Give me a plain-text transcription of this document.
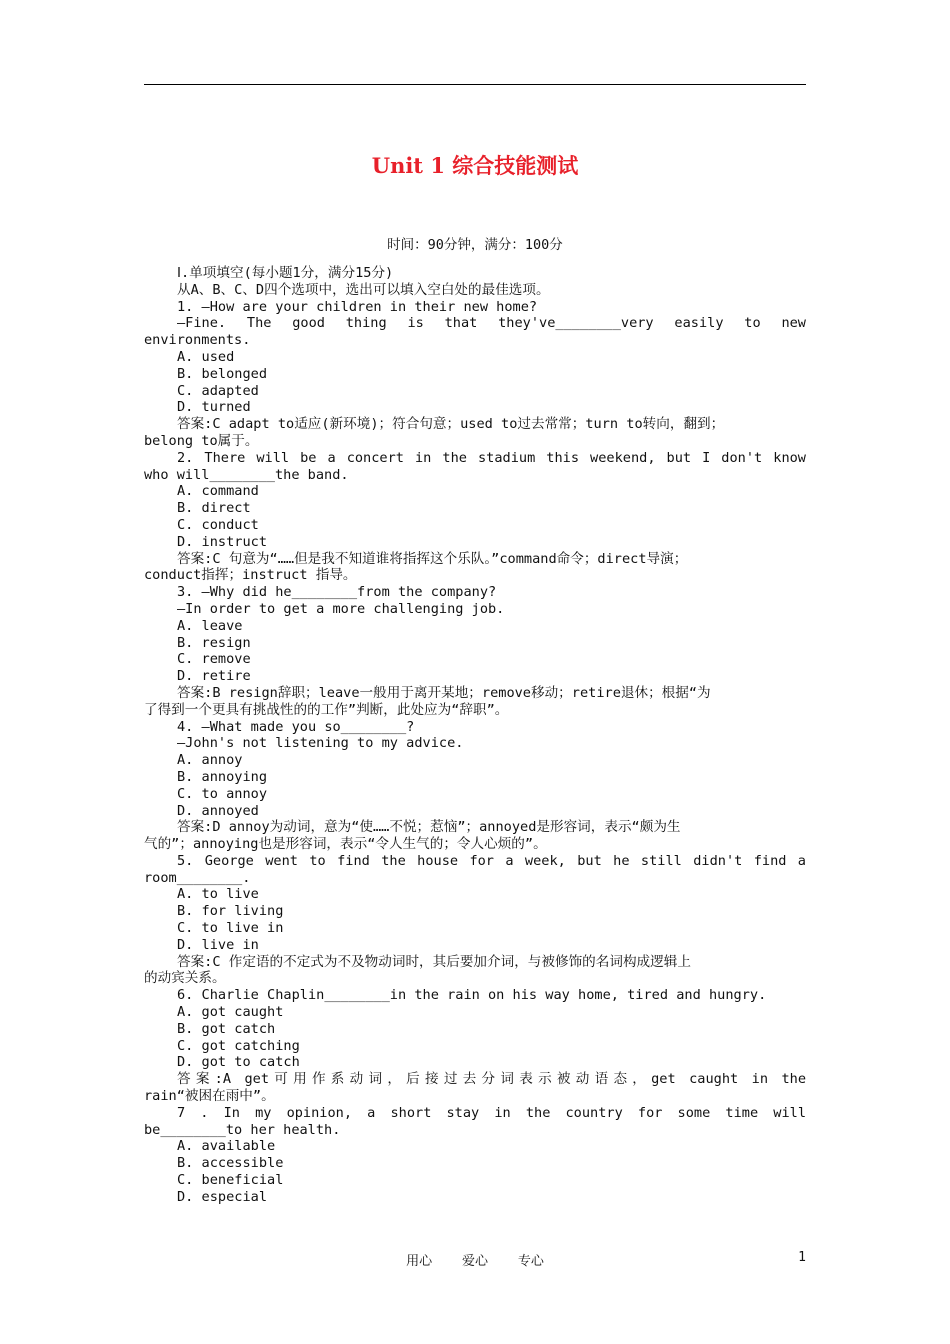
Unit 1 综合技能测试
时间：90分钟，满分：100分
Ⅰ.单项填空(每小题1分，满分15分)
从A、B、C、D四个选项中，选出可以填入空白处的最佳选项。
1. —How are your children in their new home?
—Fine. The good thing is that they've________very easily to new
environments.
A. used
B. belonged
C. adapted
D. turned
答案:C adapt to适应(新环境)；符合句意；used to过去常常；turn to转向，翻到；
belong to属于。
2. There will be a concert in the stadium this weekend, but I don't know
who will________the band.
A. command
B. direct
C. conduct
D. instruct
答案:C 句意为“……但是我不知道谁将指挥这个乐队。”command命令；direct导演；
conduct指挥；instruct 指导。
3. —Why did he________from the company?
—In order to get a more challenging job.
A. leave
B. resign
C. remove
D. retire
答案:B resign辞职；leave一般用于离开某地；remove移动；retire退休；根据“为
了得到一个更具有挑战性的的工作”判断，此处应为“辞职”。
4. —What made you so________?
—John's not listening to my advice.
A. annoy
B. annoying
C. to annoy
D. annoyed
答案:D annoy为动词，意为“使……不悦；惹恼”；annoyed是形容词，表示“颇为生
气的”；annoying也是形容词，表示“令人生气的；令人心烦的”。
5. George went to find the house for a week, but he still didn't find a
room________.
A. to live
B. for living
C. to live in
D. live in
答案:C 作定语的不定式为不及物动词时，其后要加介词，与被修饰的名词构成逻辑上
的动宾关系。
6. Charlie Chaplin________in the rain on his way home, tired and hungry.
A. got caught
B. got catch
C. got catching
D. got to catch
答案:A get可用作系动词，后接过去分词表示被动语态，get caught in the
rain“被困在雨中”。
7 . In my opinion, a short stay in the country for some time will
be________to her health.
A. available
B. accessible
C. beneficial
D. especial
用心 爱心 专心	1
